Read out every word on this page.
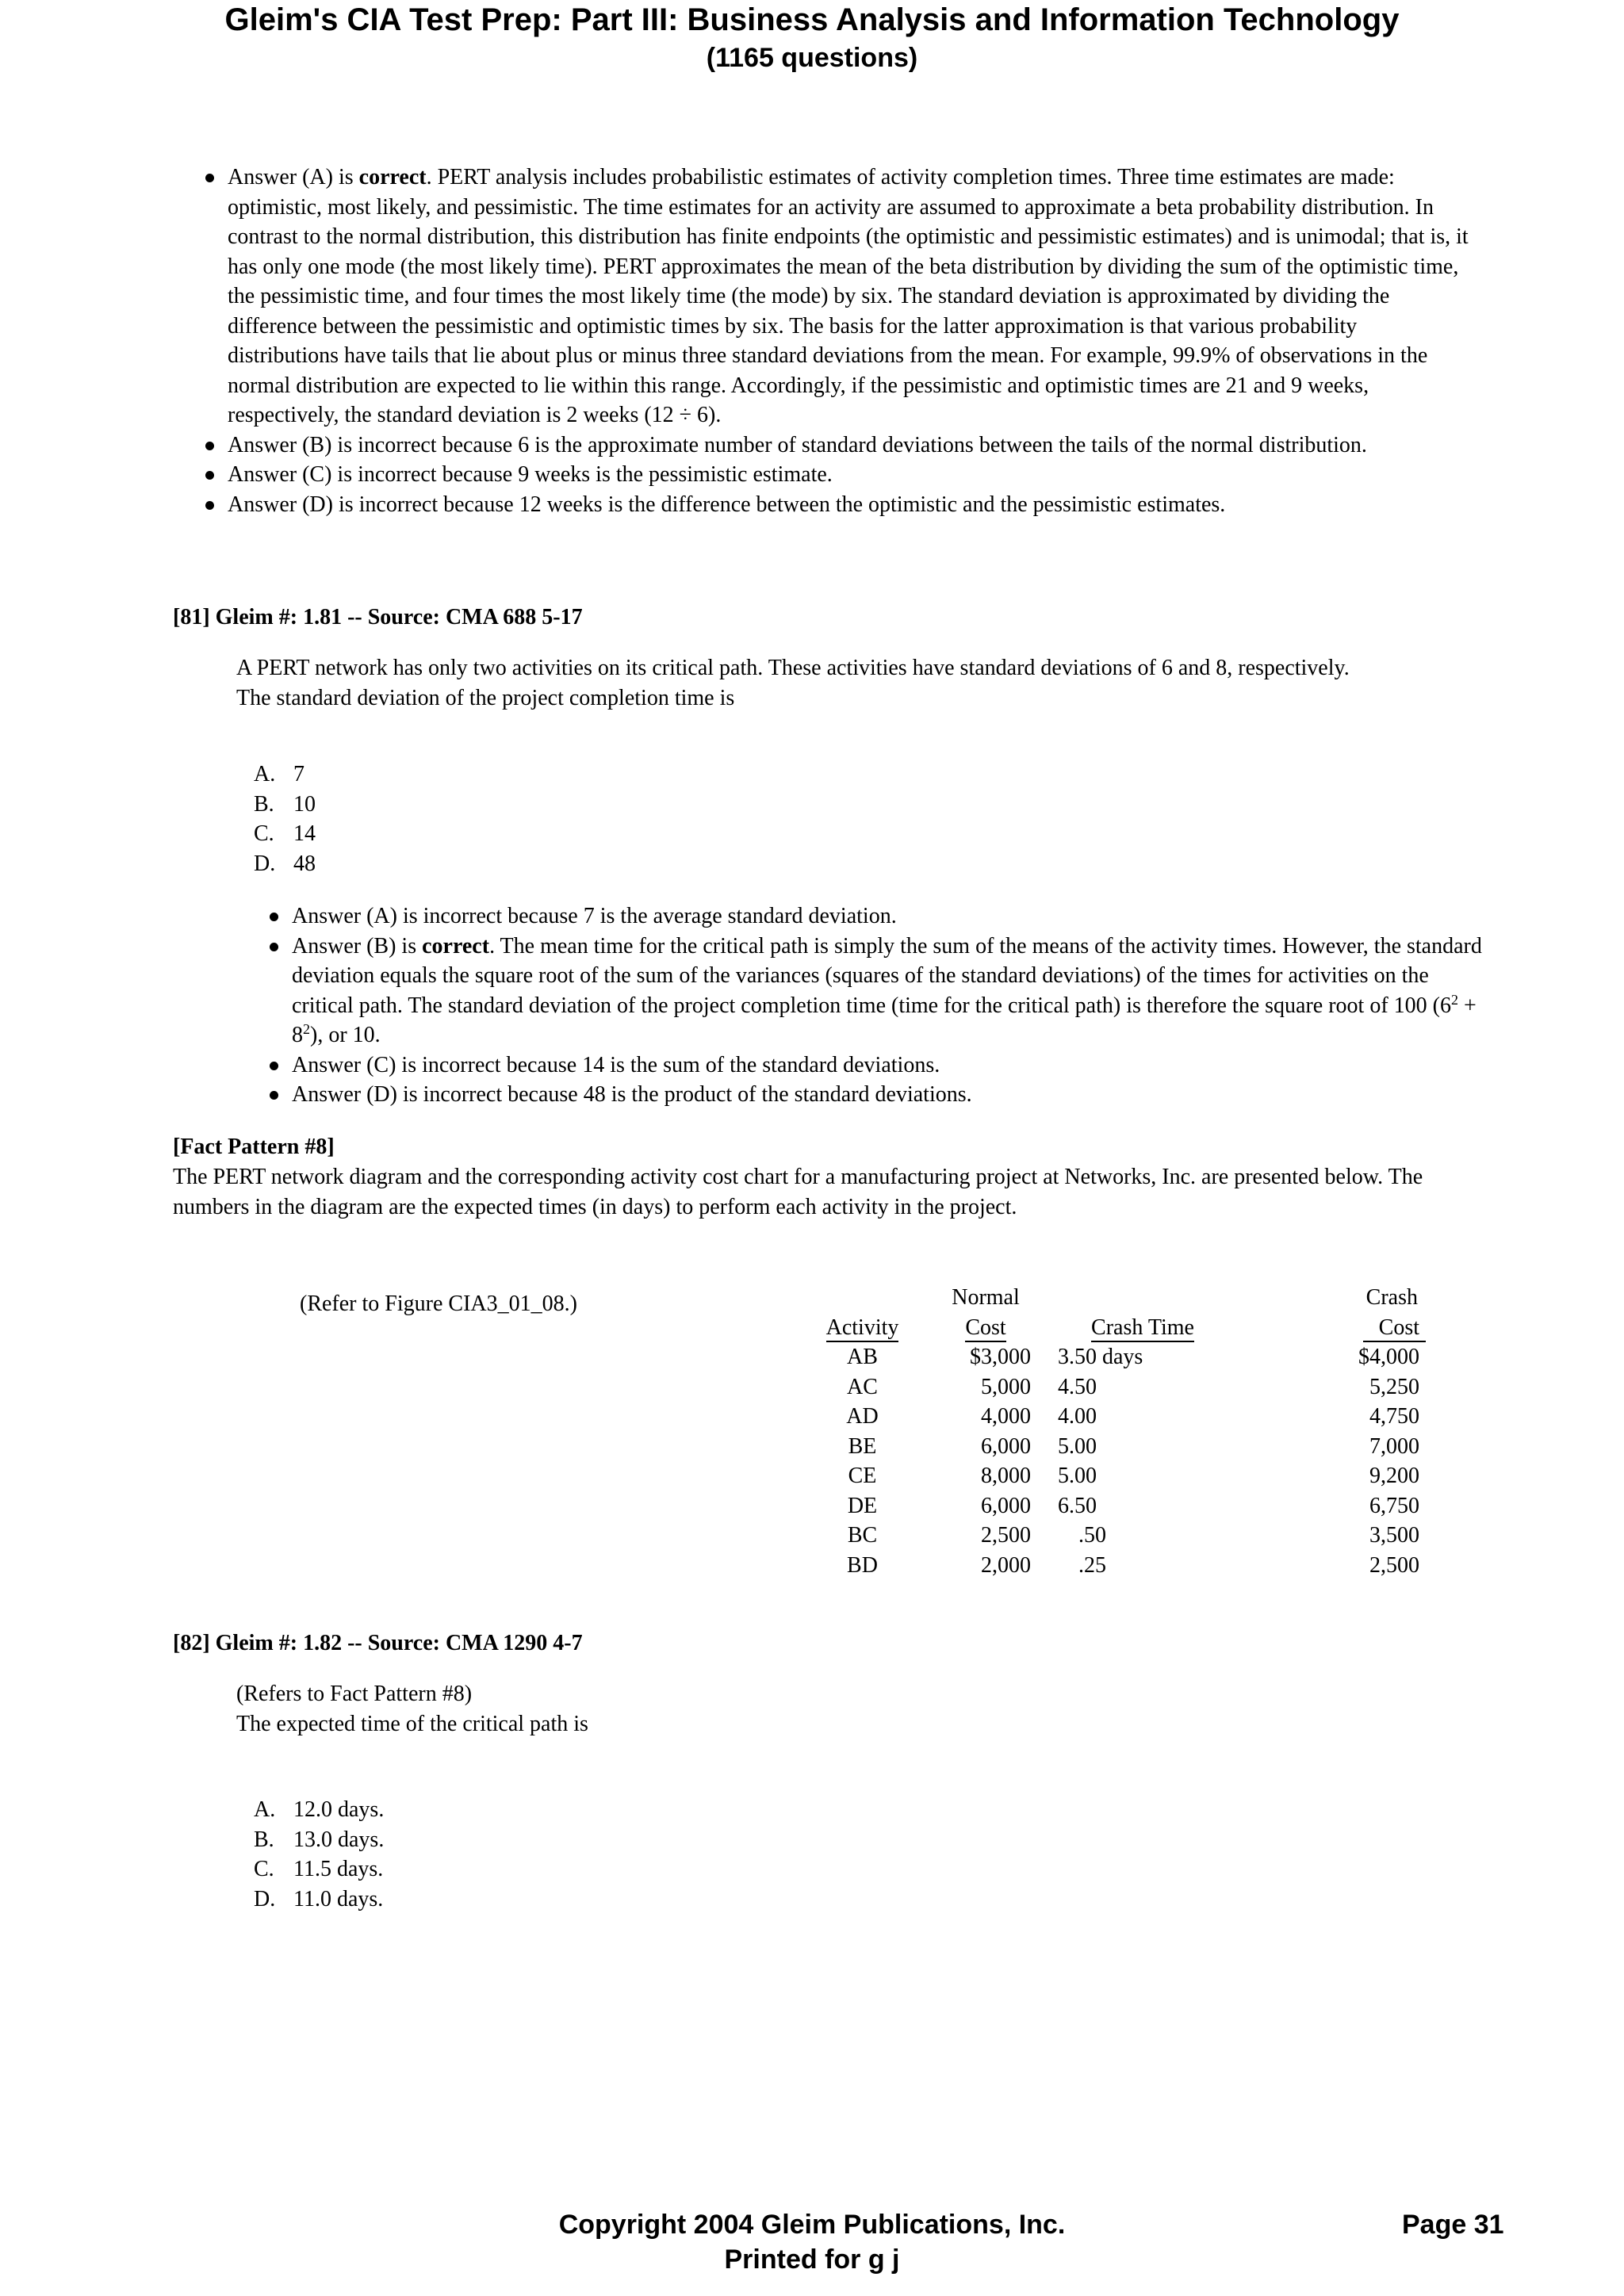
Gleim's CIA Test Prep: Part III: Business Analysis and Information Technology
(1165 questions)
Answer (A) is correct. PERT analysis includes probabilistic estimates of activity completion times. Three time estimates are made: optimistic, most likely, and pessimistic. The time estimates for an activity are assumed to approximate a beta probability distribution. In contrast to the normal distribution, this distribution has finite endpoints (the optimistic and pessimistic estimates) and is unimodal; that is, it has only one mode (the most likely time). PERT approximates the mean of the beta distribution by dividing the sum of the optimistic time, the pessimistic time, and four times the most likely time (the mode) by six. The standard deviation is approximated by dividing the difference between the pessimistic and optimistic times by six. The basis for the latter approximation is that various probability distributions have tails that lie about plus or minus three standard deviations from the mean. For example, 99.9% of observations in the normal distribution are expected to lie within this range. Accordingly, if the pessimistic and optimistic times are 21 and 9 weeks, respectively, the standard deviation is 2 weeks (12 ÷ 6).
Answer (B) is incorrect because 6 is the approximate number of standard deviations between the tails of the normal distribution.
Answer (C) is incorrect because 9 weeks is the pessimistic estimate.
Answer (D) is incorrect because 12 weeks is the difference between the optimistic and the pessimistic estimates.
[81] Gleim #: 1.81 -- Source: CMA 688 5-17
A PERT network has only two activities on its critical path. These activities have standard deviations of 6 and 8, respectively. The standard deviation of the project completion time is
A. 7
B. 10
C. 14
D. 48
Answer (A) is incorrect because 7 is the average standard deviation.
Answer (B) is correct. The mean time for the critical path is simply the sum of the means of the activity times. However, the standard deviation equals the square root of the sum of the variances (squares of the standard deviations) of the times for activities on the critical path. The standard deviation of the project completion time (time for the critical path) is therefore the square root of 100 $(6^2 + 8^2)$, or 10.
Answer (C) is incorrect because 14 is the sum of the standard deviations.
Answer (D) is incorrect because 48 is the product of the standard deviations.
[Fact Pattern #8]
The PERT network diagram and the corresponding activity cost chart for a manufacturing project at Networks, Inc. are presented below. The numbers in the diagram are the expected times (in days) to perform each activity in the project.
(Refer to Figure CIA3_01_08.)
		Normal		Crash
Activity	Cost	Crash Time	Cost
AB	$3,000	3.50 days	$4,000
AC	5,000	4.50	5,250
AD	4,000	4.00	4,750
BE	6,000	5.00	7,000
CE	8,000	5.00	9,200
DE	6,000	6.50	6,750
BC	2,500	.50	3,500
BD	2,000	.25	2,500
[82] Gleim #: 1.82 -- Source: CMA 1290 4-7
(Refers to Fact Pattern #8)
The expected time of the critical path is
A. 12.0 days.
B. 13.0 days.
C. 11.5 days.
D. 11.0 days.
Copyright 2004 Gleim Publications, Inc.
Printed for g j
Page 31
